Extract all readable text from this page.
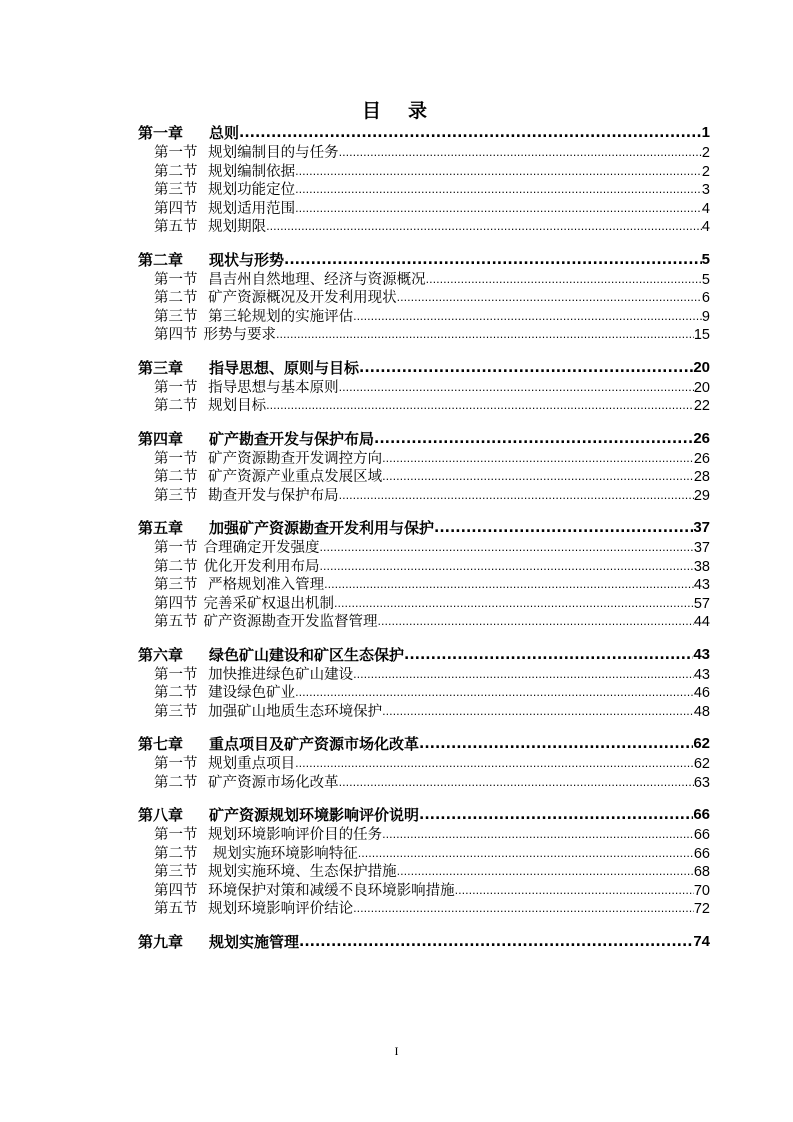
目　录
第一章 总则 .....	1
第一节 规划编制目的与任务 .....	2
第二节 规划编制依据 .....	2
第三节 规划功能定位 .....	3
第四节 规划适用范围 .....	4
第五节 规划期限 .....	4
第二章 现状与形势 .....	5
第一节 昌吉州自然地理、经济与资源概况 .....	5
第二节 矿产资源概况及开发利用现状 .....	6
第三节 第三轮规划的实施评估 .....	9
第四节 形势与要求 .....	15
第三章 指导思想、原则与目标 .....	20
第一节 指导思想与基本原则 .....	20
第二节 规划目标 .....	22
第四章 矿产勘查开发与保护布局 .....	26
第一节 矿产资源勘查开发调控方向 .....	26
第二节 矿产资源产业重点发展区域 .....	28
第三节 勘查开发与保护布局 .....	29
第五章 加强矿产资源勘查开发利用与保护 .....	37
第一节 合理确定开发强度 .....	37
第二节 优化开发利用布局 .....	38
第三节 严格规划准入管理 .....	43
第四节 完善采矿权退出机制 .....	57
第五节 矿产资源勘查开发监督管理 .....	44
第六章 绿色矿山建设和矿区生态保护 .....	43
第一节 加快推进绿色矿山建设 .....	43
第二节 建设绿色矿业 .....	46
第三节 加强矿山地质生态环境保护 .....	48
第七章 重点项目及矿产资源市场化改革 .....	62
第一节 规划重点项目 .....	62
第二节 矿产资源市场化改革 .....	63
第八章 矿产资源规划环境影响评价说明 .....	66
第一节 规划环境影响评价目的任务 .....	66
第二节  规划实施环境影响特征 .....	66
第三节 规划实施环境、生态保护措施 .....	68
第四节 环境保护对策和减缓不良环境影响措施 .....	70
第五节 规划环境影响评价结论 .....	72
第九章 规划实施管理 .....	74
I
